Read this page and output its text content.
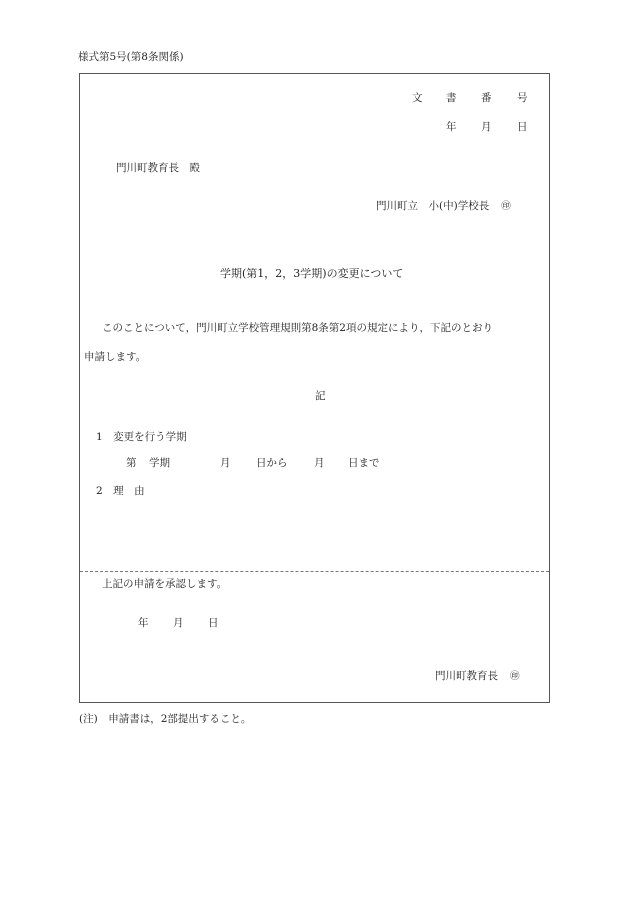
様式第5号(第8条関係)
文 書 番 号
年 月 日
門川町教育長　殿
門川町立　小(中)学校長 ㊞
学期(第1，2，3学期)の変更について
このことについて，門川町立学校管理規則第8条第2項の規定により，下記のとおり
申請します。
記
1　変更を行う学期
第 学期	月 日から	月 日まで
2　理　由
上記の申請を承認します。
年 月 日
門川町教育長 ㊞
(注)　申請書は，2部提出すること。
